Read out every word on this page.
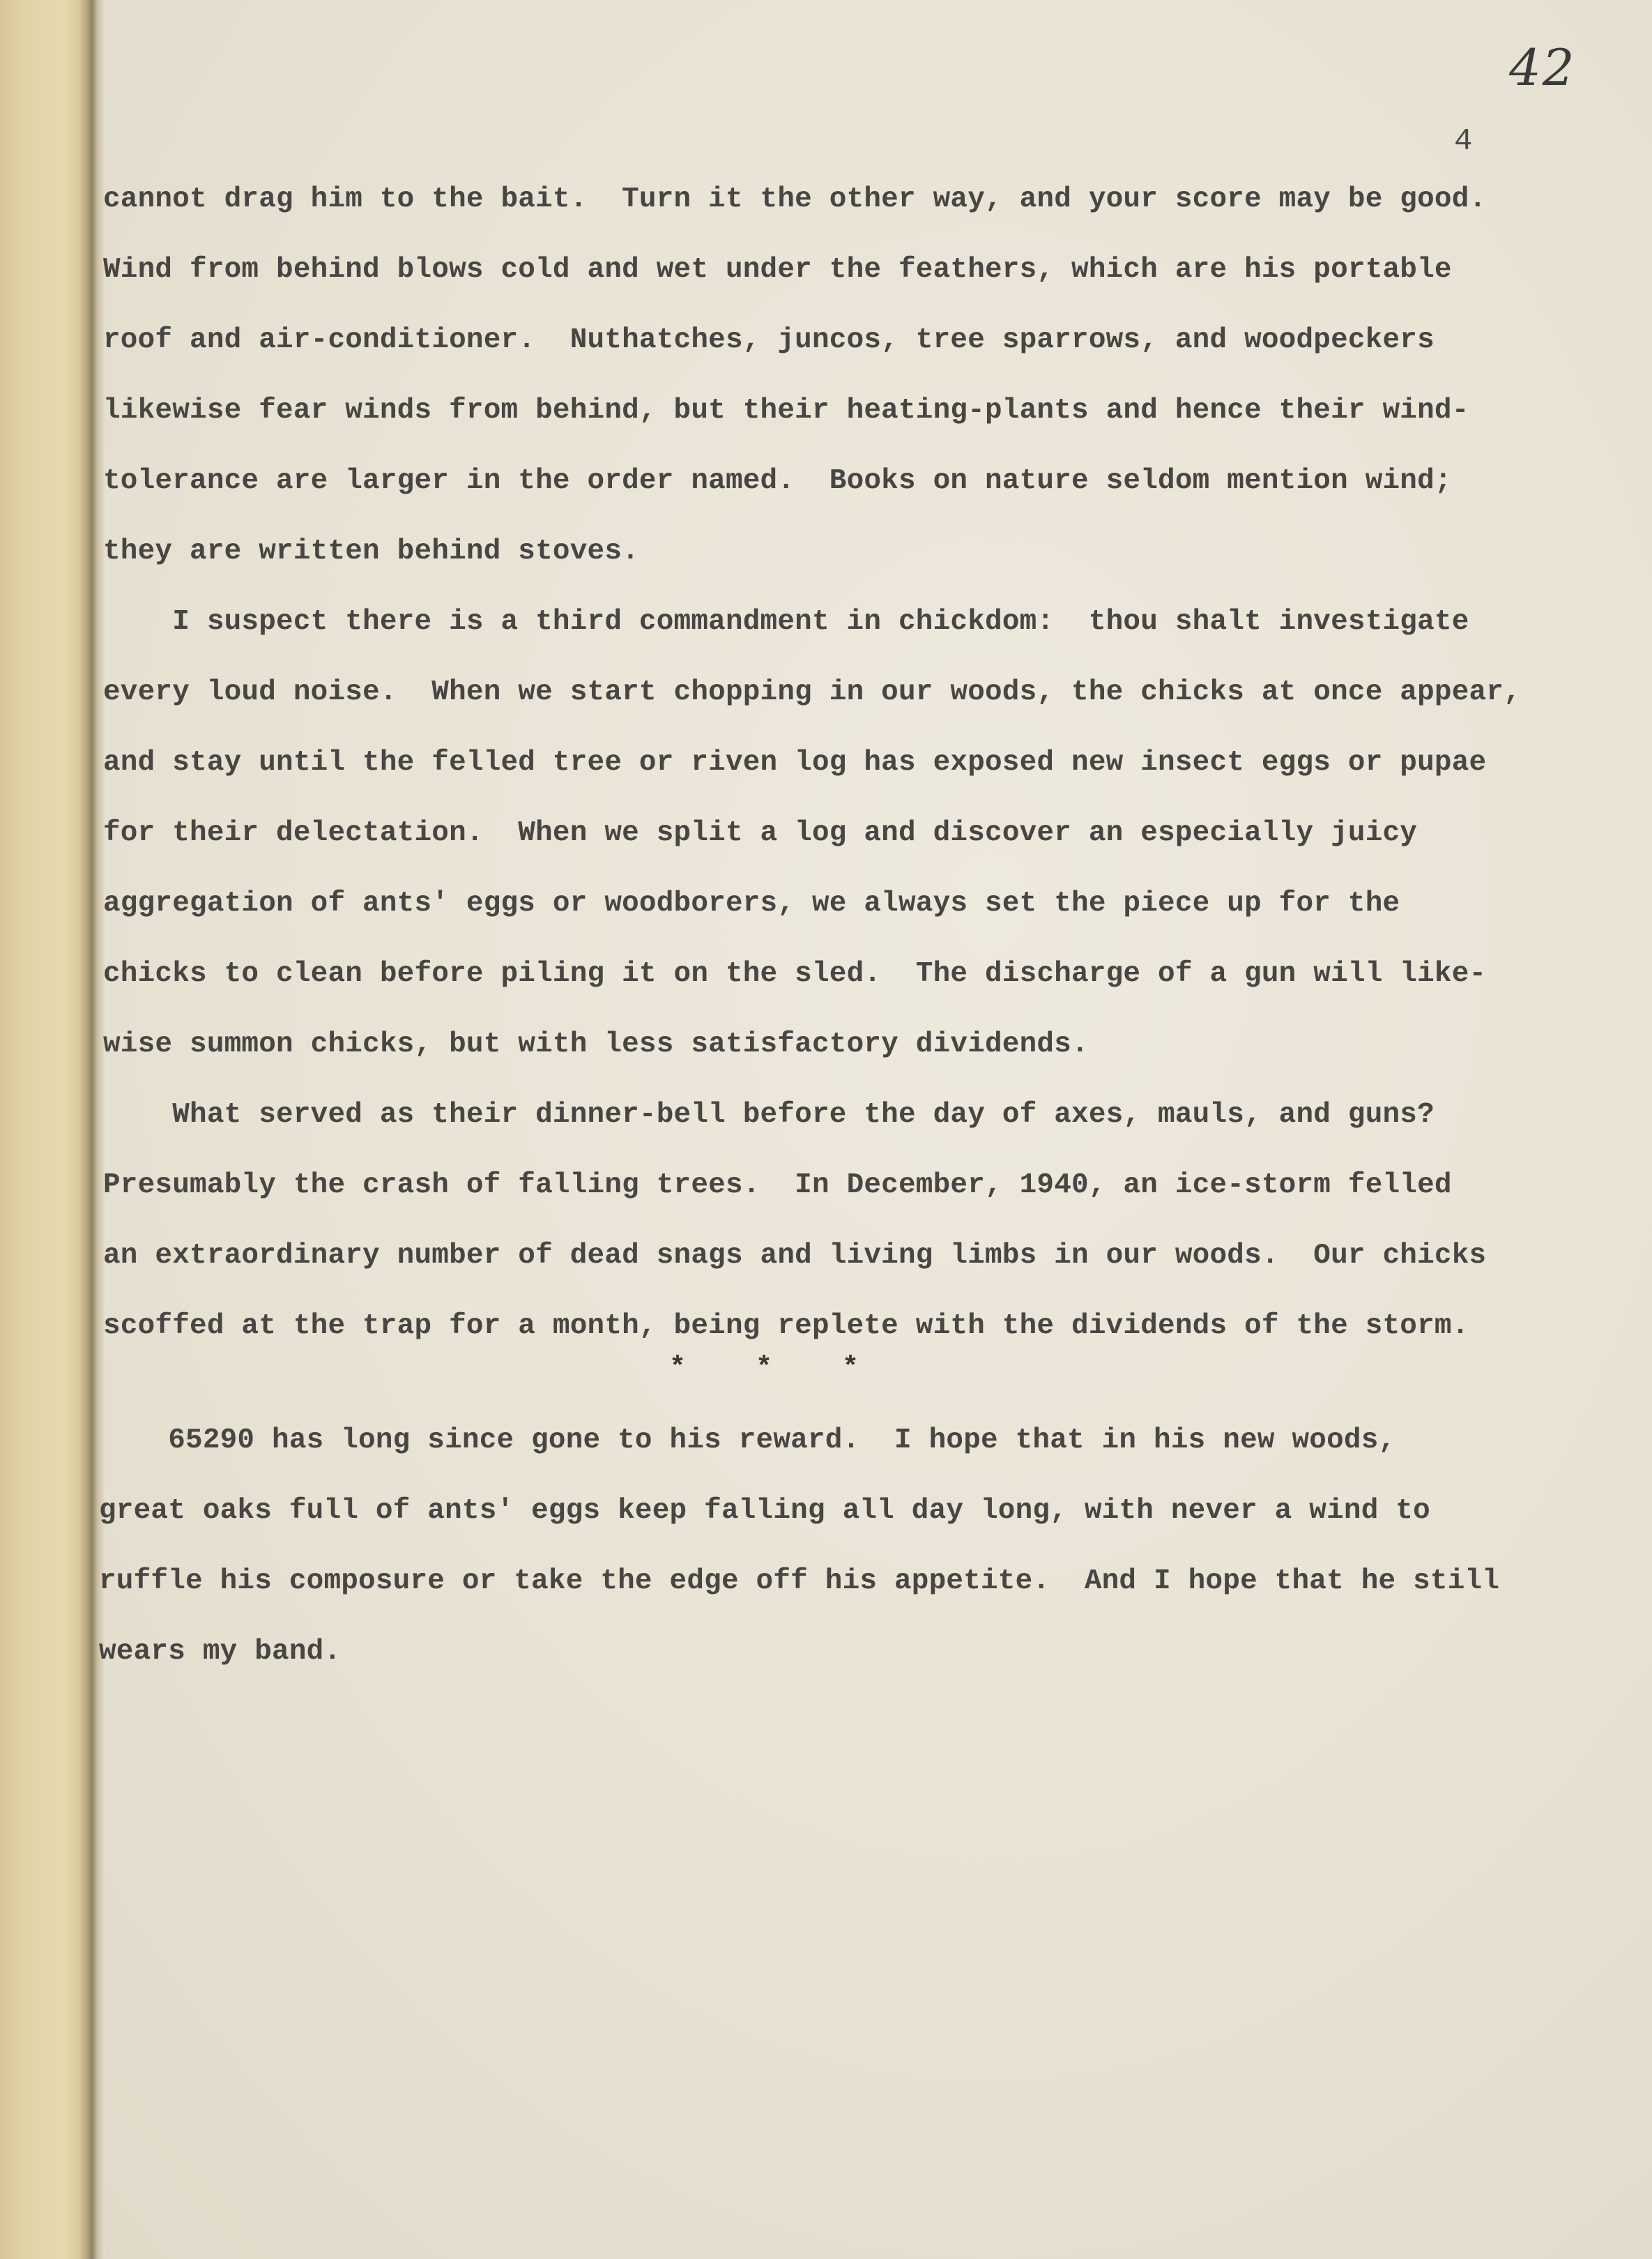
42
4
cannot drag him to the bait.  Turn it the other way, and your score may be good.
Wind from behind blows cold and wet under the feathers, which are his portable
roof and air-conditioner.  Nuthatches, juncos, tree sparrows, and woodpeckers
likewise fear winds from behind, but their heating-plants and hence their wind-
tolerance are larger in the order named.  Books on nature seldom mention wind;
they are written behind stoves.
I suspect there is a third commandment in chickdom:  thou shalt investigate
every loud noise.  When we start chopping in our woods, the chicks at once appear,
and stay until the felled tree or riven log has exposed new insect eggs or pupae
for their delectation.  When we split a log and discover an especially juicy
aggregation of ants' eggs or woodborers, we always set the piece up for the
chicks to clean before piling it on the sled.  The discharge of a gun will like-
wise summon chicks, but with less satisfactory dividends.
What served as their dinner-bell before the day of axes, mauls, and guns?
Presumably the crash of falling trees.  In December, 1940, an ice-storm felled
an extraordinary number of dead snags and living limbs in our woods.  Our chicks
scoffed at the trap for a month, being replete with the dividends of the storm.
* * *
65290 has long since gone to his reward.  I hope that in his new woods,
great oaks full of ants' eggs keep falling all day long, with never a wind to
ruffle his composure or take the edge off his appetite.  And I hope that he still
wears my band.
